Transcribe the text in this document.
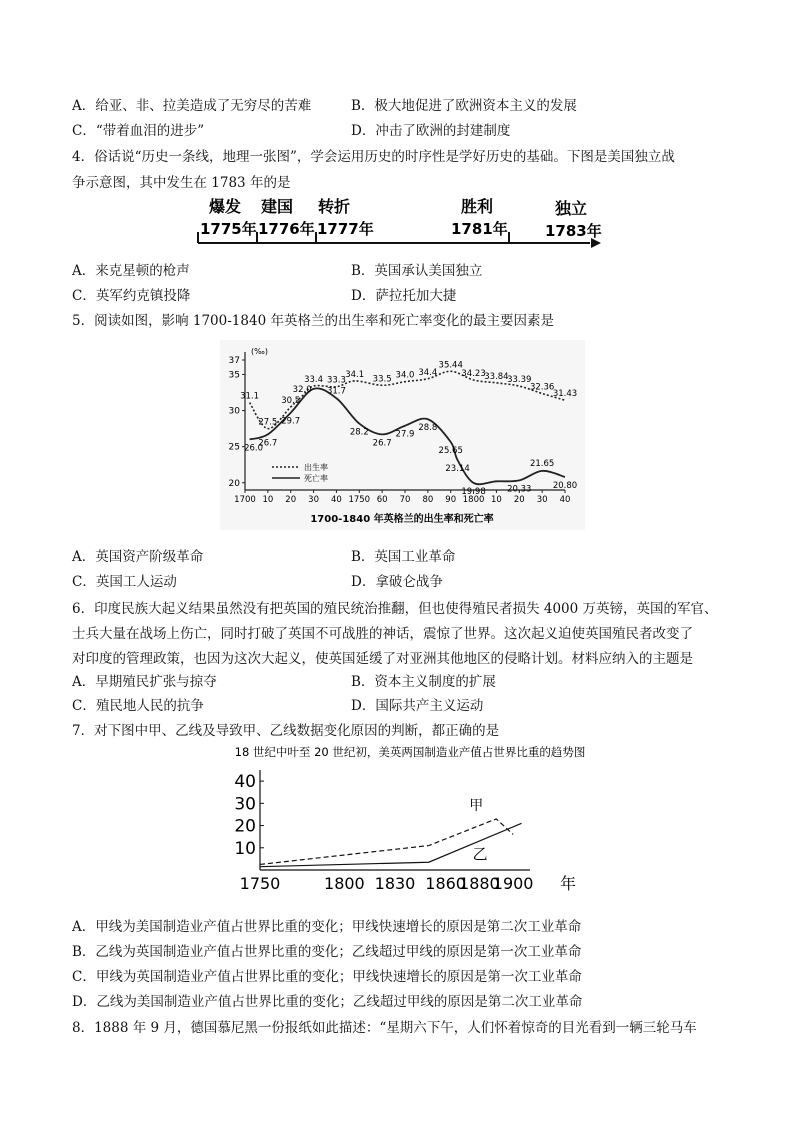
A．给亚、非、拉美造成了无穷尽的苦难	B．极大地促进了欧洲资本主义的发展
C．“带着血泪的进步”	D．冲击了欧洲的封建制度
4．俗话说“历史一条线，地理一张图”，学会运用历史的时序性是学好历史的基础。下图是美国独立战
争示意图，其中发生在 1783 年的是
爆发
1775年
建国
1776年
转折
1777年
胜利
1781年
独立
1783年
A．来克星顿的枪声	B．英国承认美国独立
C．英军约克镇投降	D．萨拉托加大捷
5．阅读如图，影响 1700-1840 年英格兰的出生率和死亡率变化的最主要因素是
(‰)
20
25
30
35
37
1700 10 20 30 40 1750 60 70 80 90 1800 10 20 30 40
31.1
27.5
30.5
32.0
33.4 33.3
34.1 33.5 34.0 34.4
35.44
34.23
33.84
33.39
32.36
31.43
26.0
26.7
29.7
31.7
28.2
26.7
27.9
28.8
25.65
23.14
19.98	20.33
21.65
20.80
出生率
死亡率
1700-1840 年英格兰的出生率和死亡率
A．英国资产阶级革命	B．英国工业革命
C．英国工人运动	D．拿破仑战争
6．印度民族大起义结果虽然没有把英国的殖民统治推翻，但也使得殖民者损失 4000 万英镑，英国的军官、
士兵大量在战场上伤亡，同时打破了英国不可战胜的神话，震惊了世界。这次起义迫使英国殖民者改变了
对印度的管理政策，也因为这次大起义，使英国延缓了对亚洲其他地区的侵略计划。材料应纳入的主题是
A．早期殖民扩张与掠夺	B．资本主义制度的扩展
C．殖民地人民的抗争	D．国际共产主义运动
7．对下图中甲、乙线及导致甲、乙线数据变化原因的判断，都正确的是
18 世纪中叶至 20 世纪初，美英两国制造业产值占世界比重的趋势图
10
20
30
40
1750	1800 1830 1860
1880
1900 年
甲
乙
A．甲线为美国制造业产值占世界比重的变化；甲线快速增长的原因是第二次工业革命
B．乙线为英国制造业产值占世界比重的变化；乙线超过甲线的原因是第一次工业革命
C．甲线为英国制造业产值占世界比重的变化；甲线快速增长的原因是第一次工业革命
D．乙线为美国制造业产值占世界比重的变化；乙线超过甲线的原因是第二次工业革命
8．1888 年 9 月，德国慕尼黑一份报纸如此描述：“星期六下午，人们怀着惊奇的目光看到一辆三轮马车
